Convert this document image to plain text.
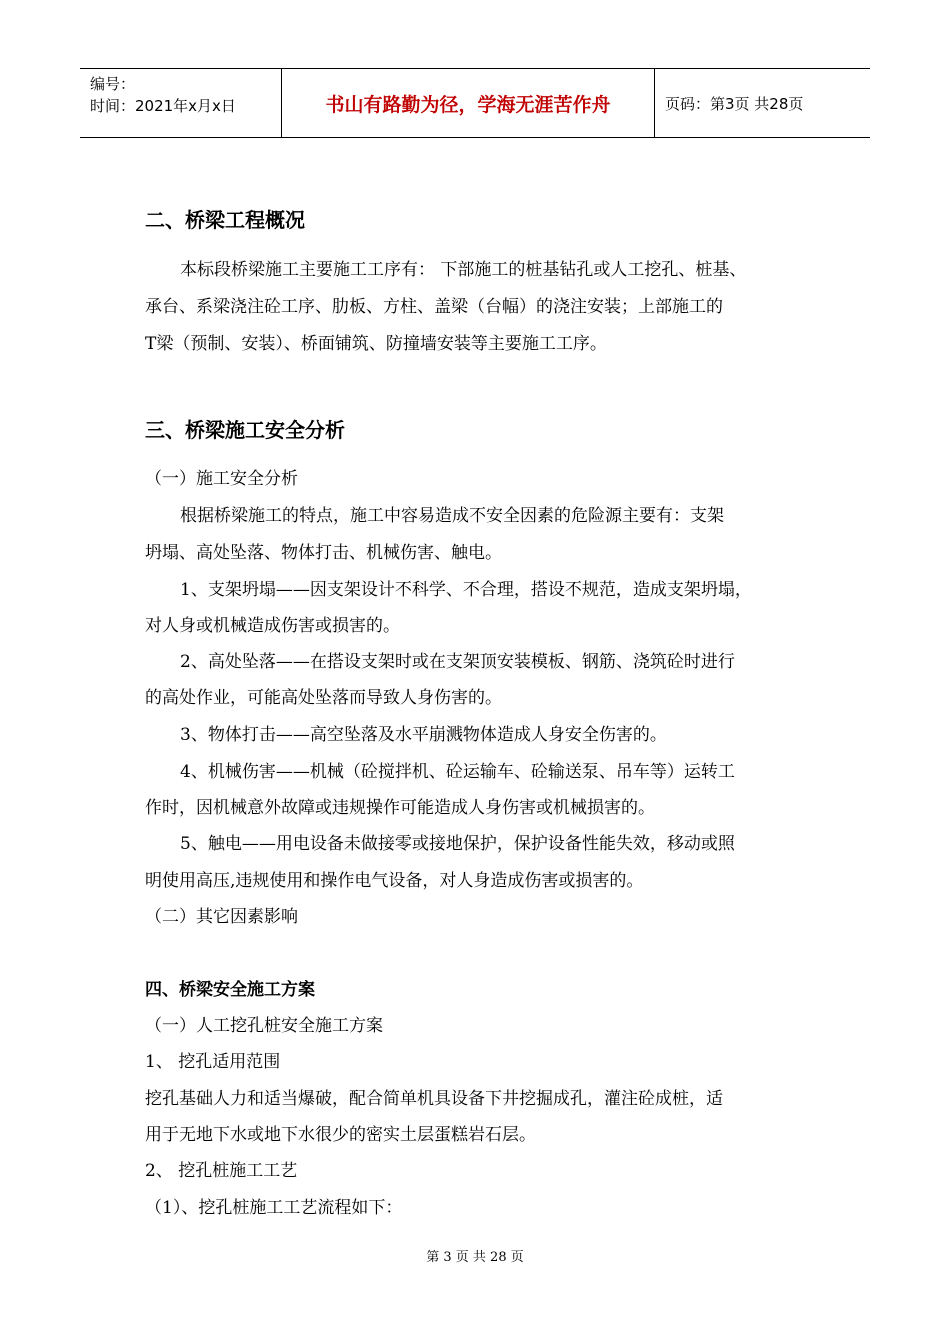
编号：
时间：2021年x月x日	书山有路勤为径，学海无涯苦作舟	页码：第3页 共28页
二、桥梁工程概况
本标段桥梁施工主要施工工序有： 下部施工的桩基钻孔或人工挖孔、桩基、
承台、系梁浇注砼工序、肋板、方柱、盖梁（台幅）的浇注安装；上部施工的
T梁（预制、安装）、桥面铺筑、防撞墙安装等主要施工工序。
三、桥梁施工安全分析
（一）施工安全分析
根据桥梁施工的特点，施工中容易造成不安全因素的危险源主要有：支架
坍塌、高处坠落、物体打击、机械伤害、触电。
1、支架坍塌——因支架设计不科学、不合理，搭设不规范，造成支架坍塌，
对人身或机械造成伤害或损害的。
2、高处坠落——在搭设支架时或在支架顶安装模板、钢筋、浇筑砼时进行
的高处作业，可能高处坠落而导致人身伤害的。
3、物体打击——高空坠落及水平崩溅物体造成人身安全伤害的。
4、机械伤害——机械（砼搅拌机、砼运输车、砼输送泵、吊车等）运转工
作时，因机械意外故障或违规操作可能造成人身伤害或机械损害的。
5、触电——用电设备未做接零或接地保护，保护设备性能失效，移动或照
明使用高压,违规使用和操作电气设备，对人身造成伤害或损害的。
（二）其它因素影响
四、桥梁安全施工方案
（一）人工挖孔桩安全施工方案
1、 挖孔适用范围
挖孔基础人力和适当爆破，配合简单机具设备下井挖掘成孔，灌注砼成桩，适
用于无地下水或地下水很少的密实土层蛋糕岩石层。
2、 挖孔桩施工工艺
（1）、挖孔桩施工工艺流程如下：
第 3 页 共 28 页
